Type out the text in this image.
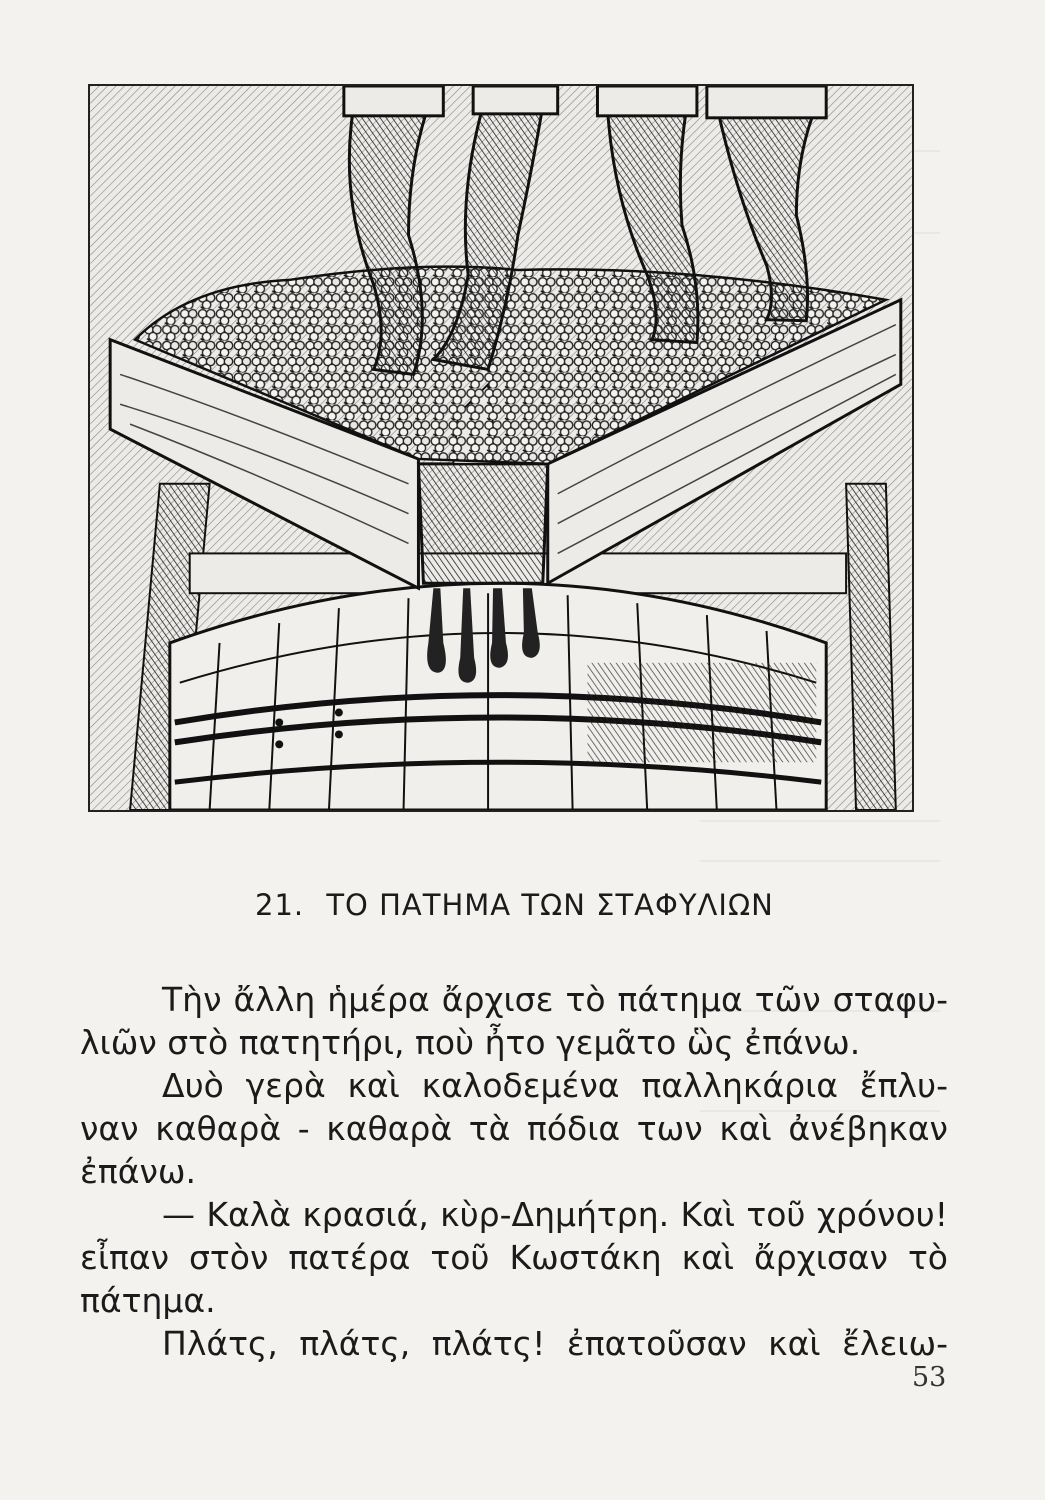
21. ΤΟ ΠΑΤΗΜΑ ΤΩΝ ΣΤΑΦΥΛΙΩΝ
Τὴν ἄλλη ἡμέρα ἄρχισε τὸ πάτημα τῶν σταφυ-
λιῶν στὸ πατητήρι, ποὺ ἦτο γεμᾶτο ὣς ἐπάνω.
Δυὸ γερὰ καὶ καλοδεμένα παλληκάρια ἔπλυ-
ναν καθαρὰ - καθαρὰ τὰ πόδια των καὶ ἀνέβηκαν
ἐπάνω.
— Καλὰ κρασιά, κὺρ-Δημήτρη. Καὶ τοῦ χρόνου!
εἶπαν στὸν πατέρα τοῦ Κωστάκη καὶ ἄρχισαν τὸ
πάτημα.
Πλάτς, πλάτς, πλάτς! ἐπατοῦσαν καὶ ἔλειω-
53
